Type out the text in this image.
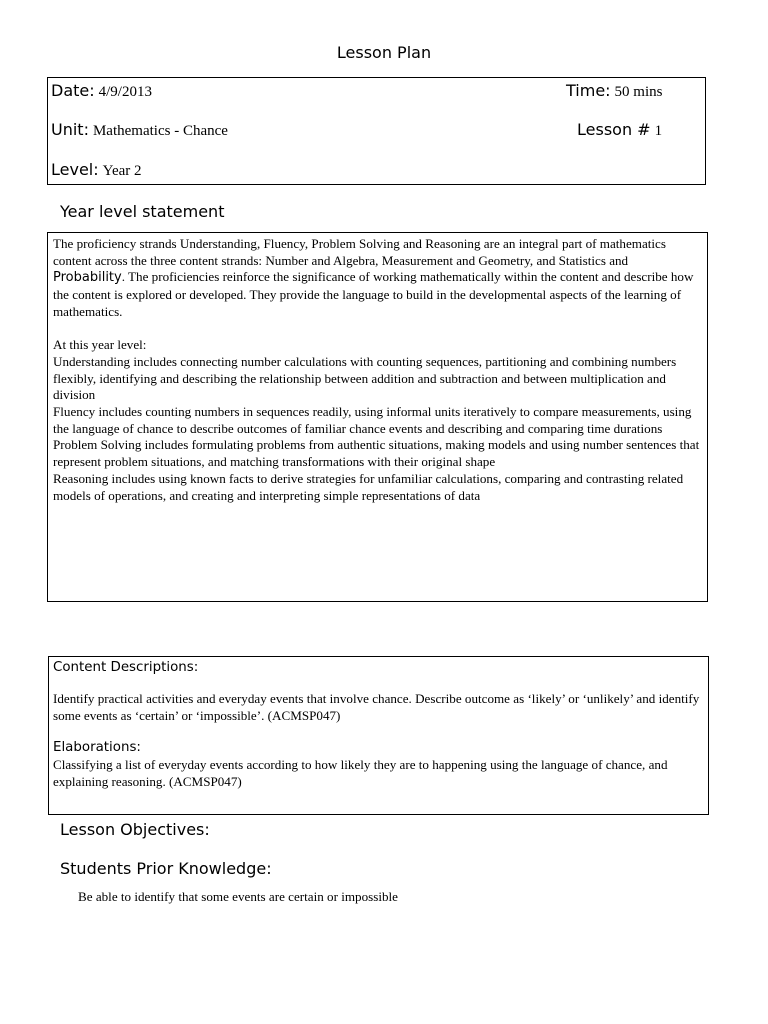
Lesson Plan
Date: 4/9/2013	Time: 50 mins
Unit: Mathematics - Chance	Lesson # 1
Level: Year 2
Year level statement

The proficiency strands Understanding, Fluency, Problem Solving and Reasoning are an integral part of mathematics content across the three content strands: Number and Algebra, Measurement and Geometry, and Statistics and Probability. The proficiencies reinforce the significance of working mathematically within the content and describe how the content is explored or developed. They provide the language to build in the developmental aspects of the learning of mathematics.

At this year level:

Understanding includes connecting number calculations with counting sequences, partitioning and combining numbers flexibly, identifying and describing the relationship between addition and subtraction and between multiplication and division

Fluency includes counting numbers in sequences readily, using informal units iteratively to compare measurements, using the language of chance to describe outcomes of familiar chance events and describing and comparing time durations

Problem Solving includes formulating problems from authentic situations, making models and using number sentences that represent problem situations, and matching transformations with their original shape

Reasoning includes using known facts to derive strategies for unfamiliar calculations, comparing and contrasting related models of operations, and creating and interpreting simple representations of data

Content Descriptions:

Identify practical activities and everyday events that involve chance. Describe outcome as ‘likely’ or ‘unlikely’ and identify some events as ‘certain’ or ‘impossible’. (ACMSP047)

Elaborations:

Classifying a list of everyday events according to how likely they are to happening using the language of chance, and explaining reasoning. (ACMSP047)

Lesson Objectives:
Students Prior Knowledge:
Be able to identify that some events are certain or impossible
